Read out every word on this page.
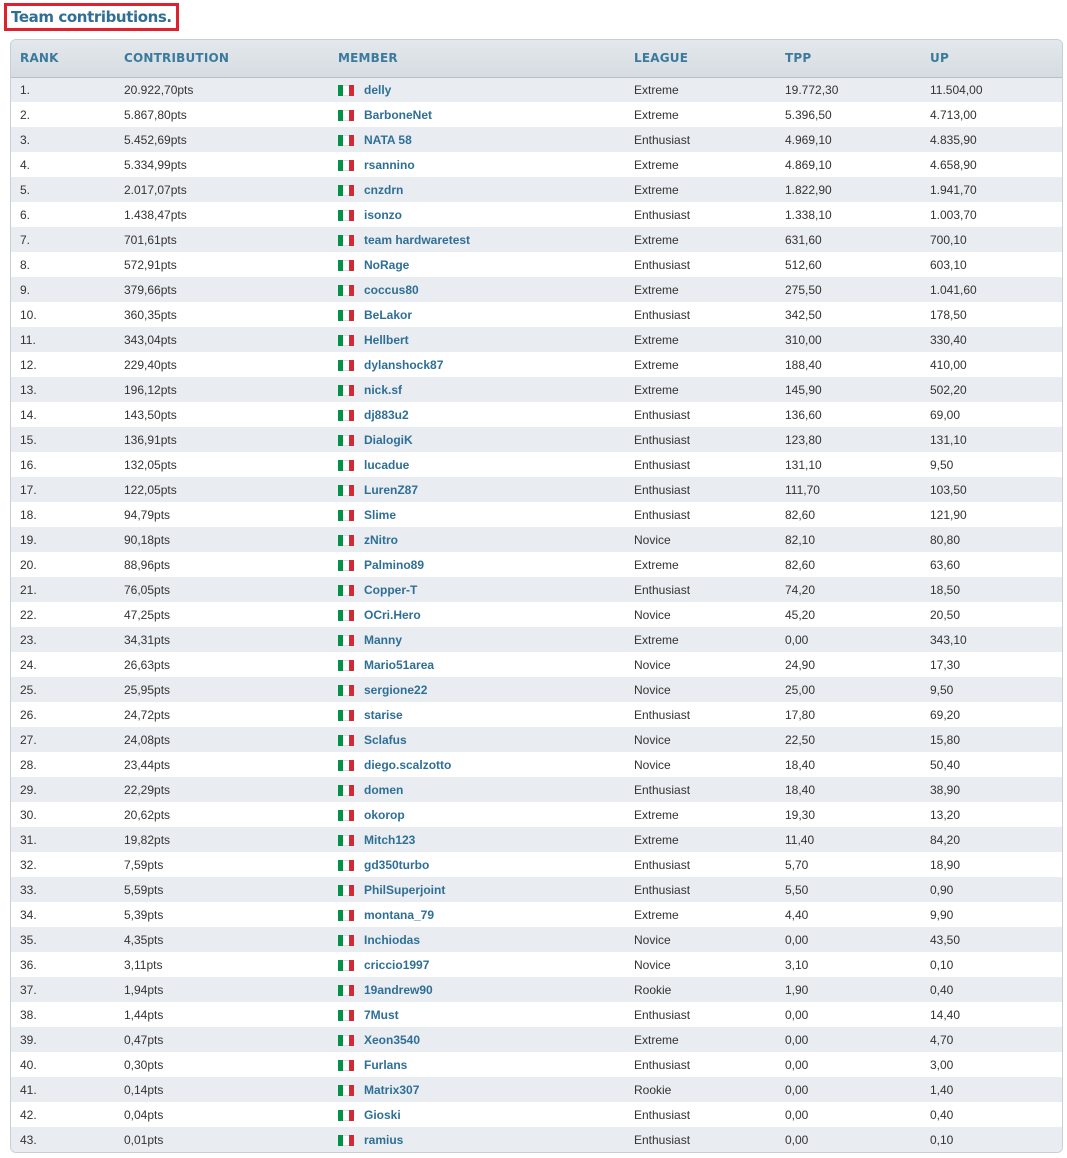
Team contributions.
RANK	CONTRIBUTION	MEMBER	LEAGUE	TPP	UP
1.	20.922,70pts	delly	Extreme	19.772,30	11.504,00
2.	5.867,80pts	BarboneNet	Extreme	5.396,50	4.713,00
3.	5.452,69pts	NATA 58	Enthusiast	4.969,10	4.835,90
4.	5.334,99pts	rsannino	Extreme	4.869,10	4.658,90
5.	2.017,07pts	cnzdrn	Extreme	1.822,90	1.941,70
6.	1.438,47pts	isonzo	Enthusiast	1.338,10	1.003,70
7.	701,61pts	team hardwaretest	Extreme	631,60	700,10
8.	572,91pts	NoRage	Enthusiast	512,60	603,10
9.	379,66pts	coccus80	Extreme	275,50	1.041,60
10.	360,35pts	BeLakor	Enthusiast	342,50	178,50
11.	343,04pts	Hellbert	Extreme	310,00	330,40
12.	229,40pts	dylanshock87	Extreme	188,40	410,00
13.	196,12pts	nick.sf	Extreme	145,90	502,20
14.	143,50pts	dj883u2	Enthusiast	136,60	69,00
15.	136,91pts	DialogiK	Enthusiast	123,80	131,10
16.	132,05pts	lucadue	Enthusiast	131,10	9,50
17.	122,05pts	LurenZ87	Enthusiast	111,70	103,50
18.	94,79pts	Slime	Enthusiast	82,60	121,90
19.	90,18pts	zNitro	Novice	82,10	80,80
20.	88,96pts	Palmino89	Extreme	82,60	63,60
21.	76,05pts	Copper-T	Enthusiast	74,20	18,50
22.	47,25pts	OCri.Hero	Novice	45,20	20,50
23.	34,31pts	Manny	Extreme	0,00	343,10
24.	26,63pts	Mario51area	Novice	24,90	17,30
25.	25,95pts	sergione22	Novice	25,00	9,50
26.	24,72pts	starise	Enthusiast	17,80	69,20
27.	24,08pts	Sclafus	Novice	22,50	15,80
28.	23,44pts	diego.scalzotto	Novice	18,40	50,40
29.	22,29pts	domen	Enthusiast	18,40	38,90
30.	20,62pts	okorop	Extreme	19,30	13,20
31.	19,82pts	Mitch123	Extreme	11,40	84,20
32.	7,59pts	gd350turbo	Enthusiast	5,70	18,90
33.	5,59pts	PhilSuperjoint	Enthusiast	5,50	0,90
34.	5,39pts	montana_79	Extreme	4,40	9,90
35.	4,35pts	Inchiodas	Novice	0,00	43,50
36.	3,11pts	criccio1997	Novice	3,10	0,10
37.	1,94pts	19andrew90	Rookie	1,90	0,40
38.	1,44pts	7Must	Enthusiast	0,00	14,40
39.	0,47pts	Xeon3540	Extreme	0,00	4,70
40.	0,30pts	Furlans	Enthusiast	0,00	3,00
41.	0,14pts	Matrix307	Rookie	0,00	1,40
42.	0,04pts	Gioski	Enthusiast	0,00	0,40
43.	0,01pts	ramius	Enthusiast	0,00	0,10
